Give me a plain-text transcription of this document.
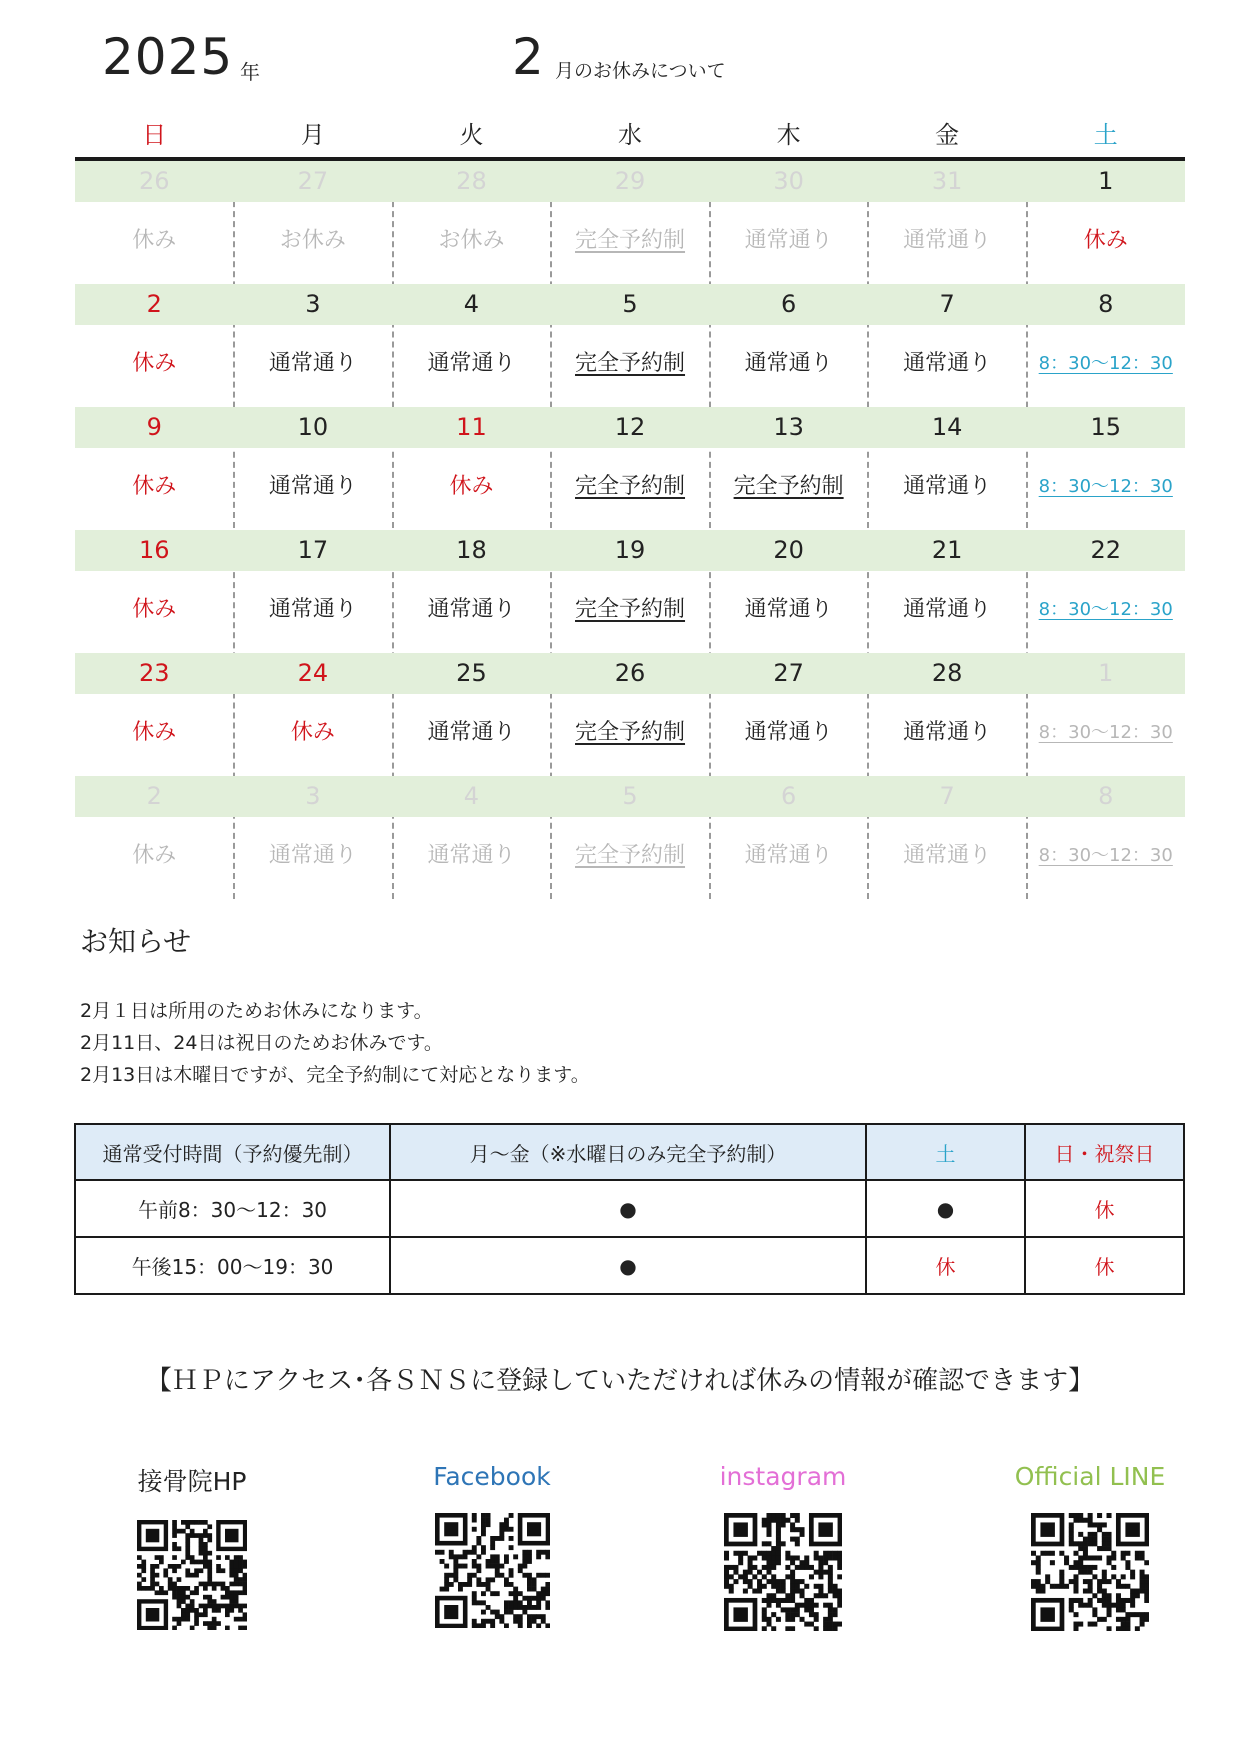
2025 年	2 月のお休みについて
日	月	火	水	木	金	土
26	27	28	29	30	31	1
休み	お休み	お休み	完全予約制	通常通り	通常通り	休み
2	3	4	5	6	7	8
休み	通常通り	通常通り	完全予約制	通常通り	通常通り	8：30～12：30
9	10	11	12	13	14	15
休み	通常通り	休み	完全予約制	完全予約制	通常通り	8：30～12：30
16	17	18	19	20	21	22
休み	通常通り	通常通り	完全予約制	通常通り	通常通り	8：30～12：30
23	24	25	26	27	28	1
休み	休み	通常通り	完全予約制	通常通り	通常通り	8：30～12：30
2	3	4	5	6	7	8
休み	通常通り	通常通り	完全予約制	通常通り	通常通り	8：30～12：30
お知らせ
2月１日は所用のためお休みになります。
2月11日、24日は祝日のためお休みです。
2月13日は木曜日ですが、完全予約制にて対応となります。
通常受付時間（予約優先制）	月～金（※水曜日のみ完全予約制）	土	日・祝祭日
午前8：30～12：30	●	●	休
午後15：00～19：30	●	休	休
【ＨＰにアクセス･各ＳＮＳに登録していただければ休みの情報が確認できます】
接骨院HP	Facebook	instagram	Official LINE
